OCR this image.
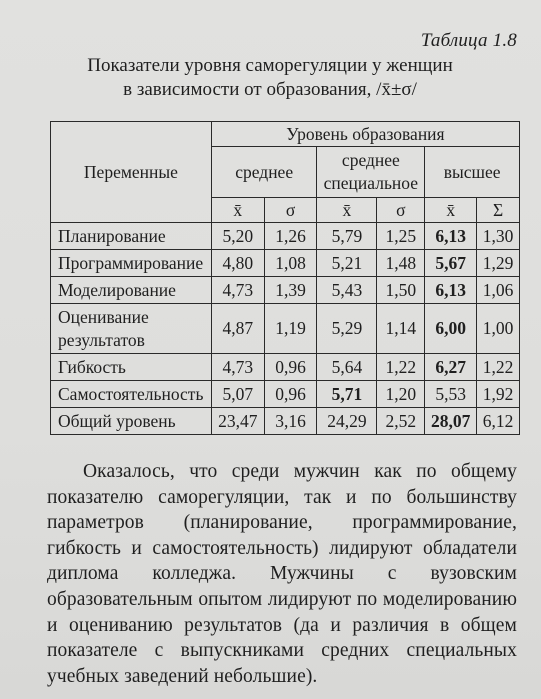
Таблица 1.8
Показатели уровня саморегуляции у женщин
в зависимости от образования, /x̄±σ/
Переменные	Уровень образования					
	среднее		среднее специальное		высшее	
	x̄	σ	x̄	σ	x̄	Σ
Планирование	5,20	1,26	5,79	1,25	6,13	1,30
Программирование	4,80	1,08	5,21	1,48	5,67	1,29
Моделирование	4,73	1,39	5,43	1,50	6,13	1,06
Оценивание результатов	4,87	1,19	5,29	1,14	6,00	1,00
Гибкость	4,73	0,96	5,64	1,22	6,27	1,22
Самостоятельность	5,07	0,96	5,71	1,20	5,53	1,92
Общий уровень	23,47	3,16	24,29	2,52	28,07	6,12

Оказалось, что среди мужчин как по общему показателю саморегуляции, так и по большинству параметров (планирование, программирование, гибкость и самостоятельность) лидируют обладатели диплома колледжа. Мужчины с вузовским образовательным опытом лидируют по моделированию и оцениванию результатов (да и различия в общем показателе с выпускниками средних специальных учебных заведений небольшие).
